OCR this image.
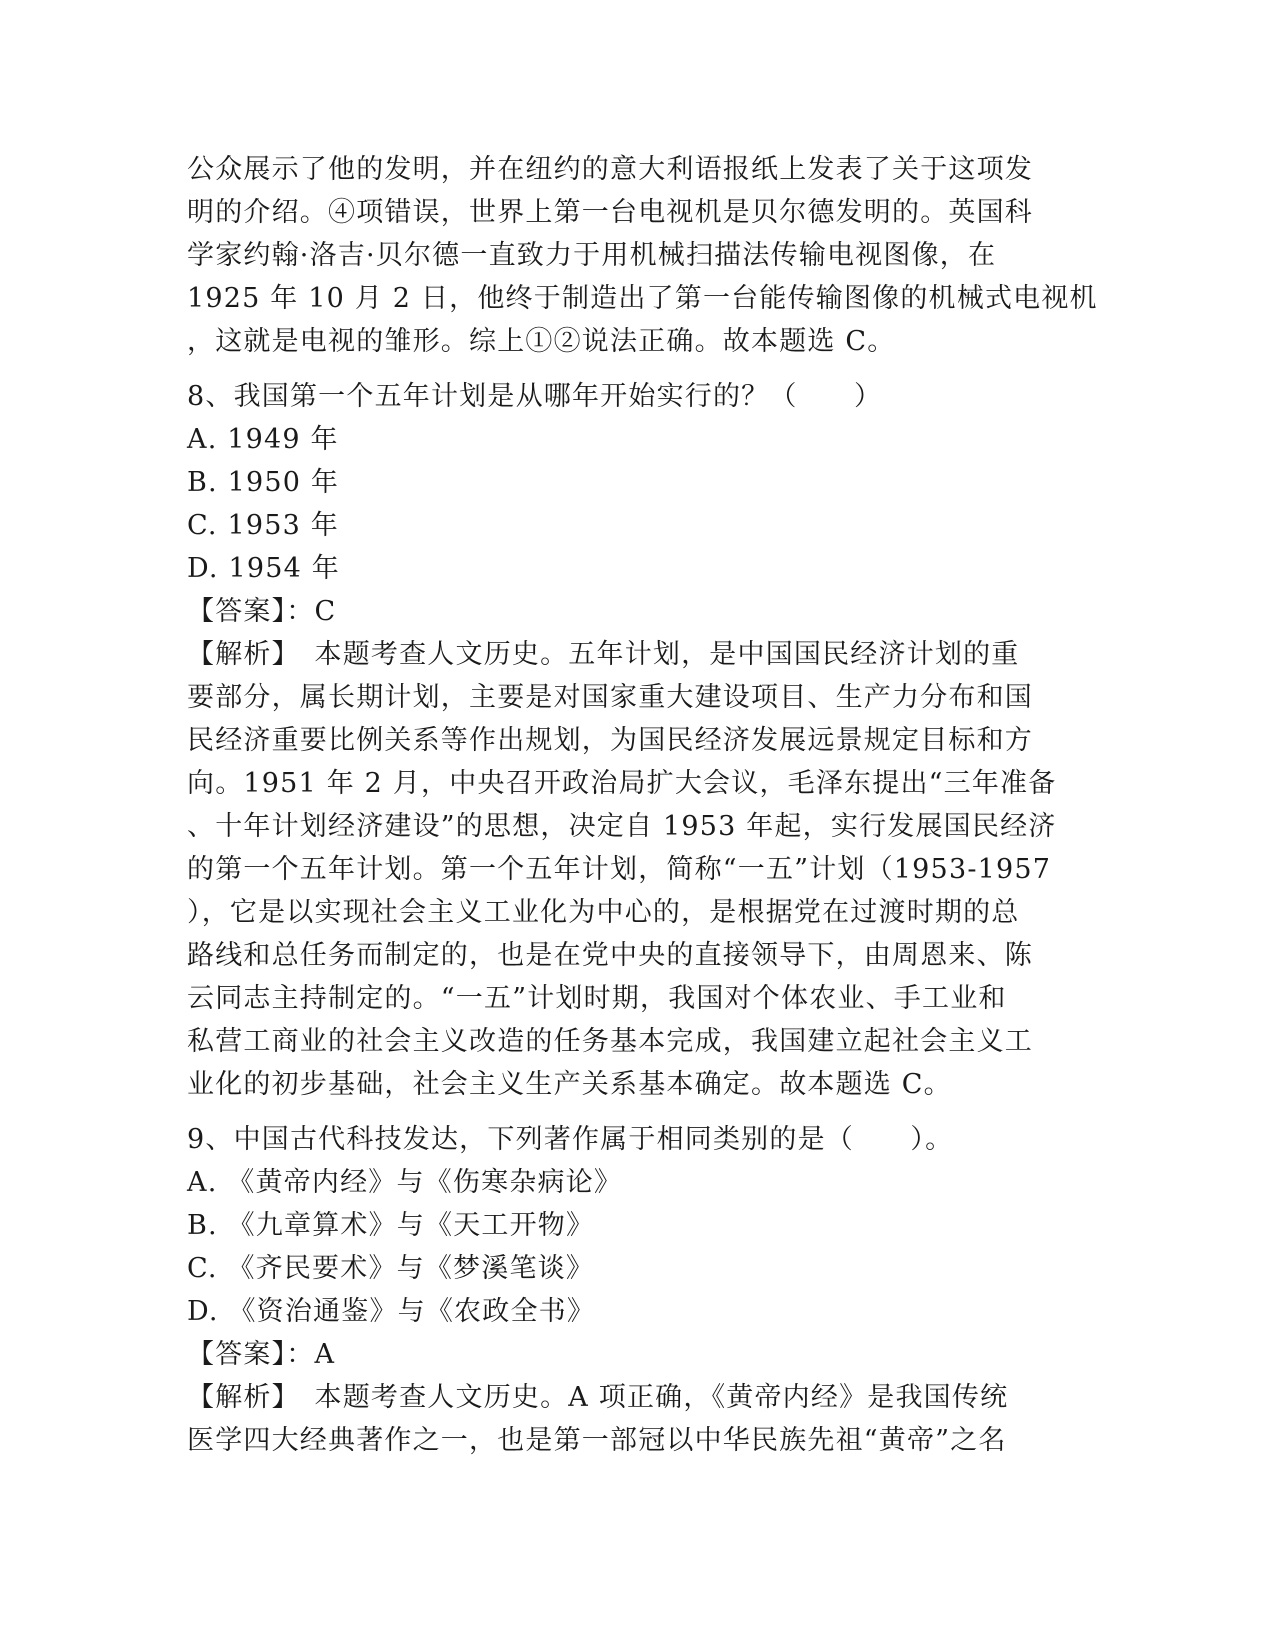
公众展示了他的发明，并在纽约的意大利语报纸上发表了关于这项发
明的介绍。④项错误，世界上第一台电视机是贝尔德发明的。英国科
学家约翰·洛吉·贝尔德一直致力于用机械扫描法传输电视图像，在
1925 年 10 月 2 日，他终于制造出了第一台能传输图像的机械式电视机
，这就是电视的雏形。综上①②说法正确。故本题选 C。
8、我国第一个五年计划是从哪年开始实行的？（　　）
A. 1949 年
B. 1950 年
C. 1953 年
D. 1954 年
【答案】：C
【解析】　本题考查人文历史。五年计划，是中国国民经济计划的重
要部分，属长期计划，主要是对国家重大建设项目、生产力分布和国
民经济重要比例关系等作出规划，为国民经济发展远景规定目标和方
向。1951 年 2 月，中央召开政治局扩大会议，毛泽东提出“三年准备
、十年计划经济建设”的思想，决定自 1953 年起，实行发展国民经济
的第一个五年计划。第一个五年计划，简称“一五”计划（1953-1957
），它是以实现社会主义工业化为中心的，是根据党在过渡时期的总
路线和总任务而制定的，也是在党中央的直接领导下，由周恩来、陈
云同志主持制定的。“一五”计划时期，我国对个体农业、手工业和
私营工商业的社会主义改造的任务基本完成，我国建立起社会主义工
业化的初步基础，社会主义生产关系基本确定。故本题选 C。
9、中国古代科技发达，下列著作属于相同类别的是（　　）。
A. 《黄帝内经》与《伤寒杂病论》
B. 《九章算术》与《天工开物》
C. 《齐民要术》与《梦溪笔谈》
D. 《资治通鉴》与《农政全书》
【答案】：A
【解析】　本题考查人文历史。A 项正确，《黄帝内经》是我国传统
医学四大经典著作之一，也是第一部冠以中华民族先祖“黄帝”之名
